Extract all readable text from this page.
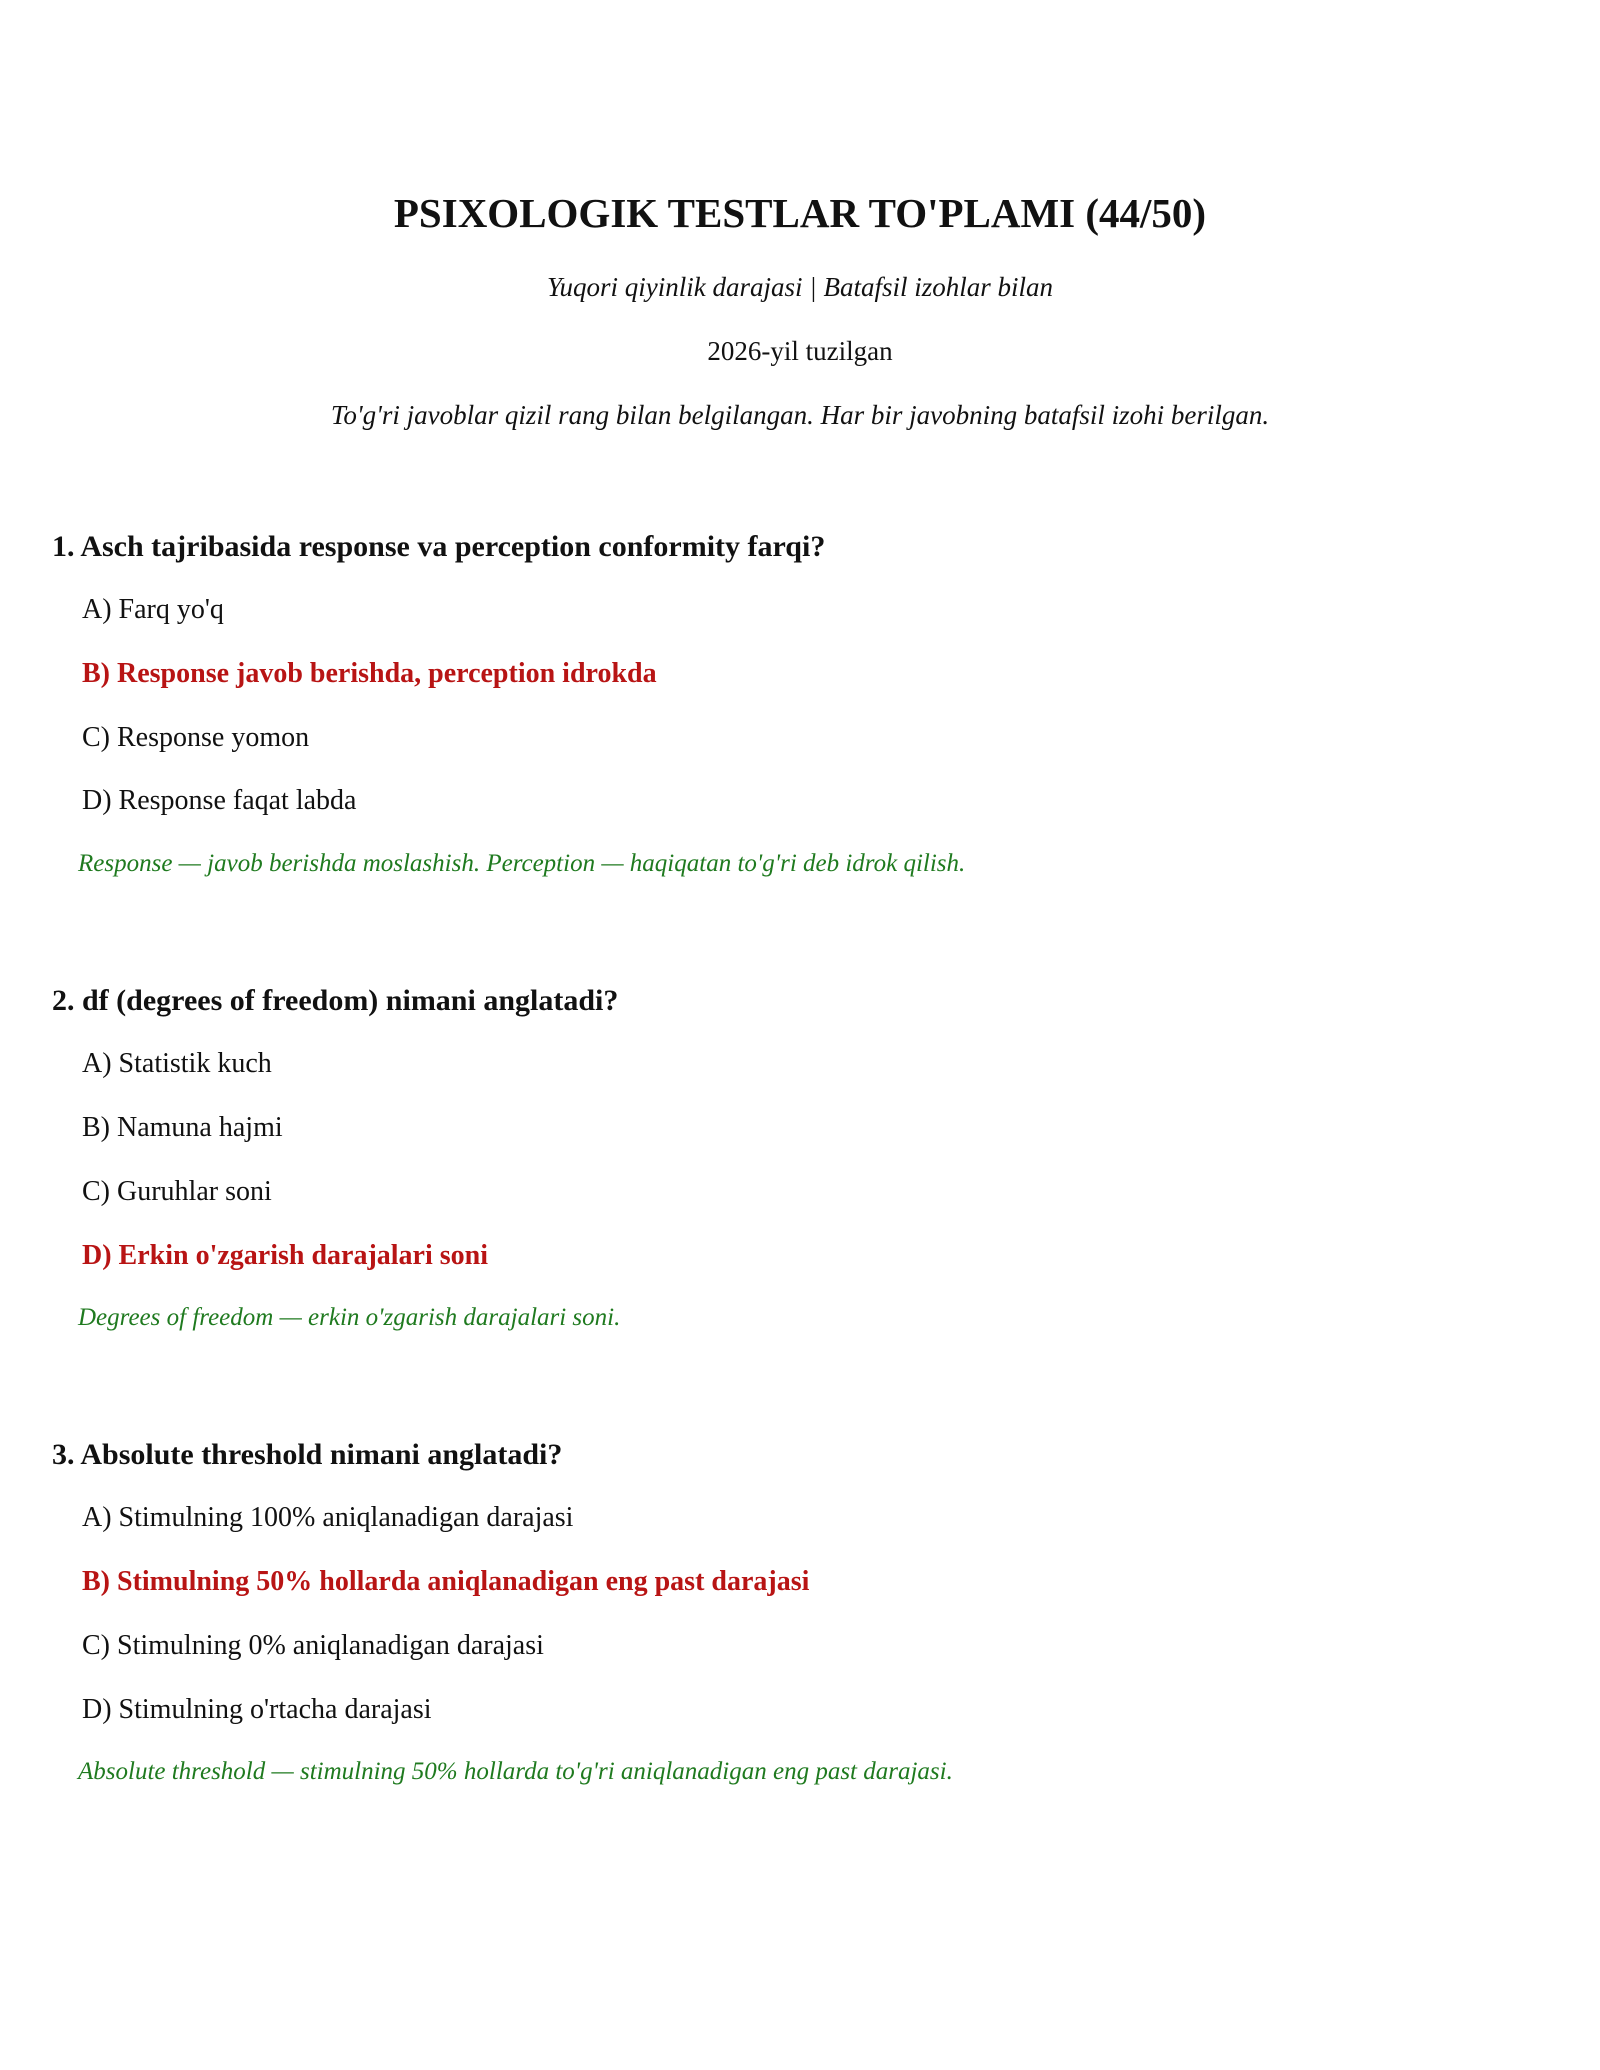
PSIXOLOGIK TESTLAR TO'PLAMI (44/50)
Yuqori qiyinlik darajasi | Batafsil izohlar bilan
2026-yil tuzilgan
To'g'ri javoblar qizil rang bilan belgilangan. Har bir javobning batafsil izohi berilgan.
1. Asch tajribasida response va perception conformity farqi?
A) Farq yo'q
B) Response javob berishda, perception idrokda
C) Response yomon
D) Response faqat labda
Response — javob berishda moslashish. Perception — haqiqatan to'g'ri deb idrok qilish.
2. df (degrees of freedom) nimani anglatadi?
A) Statistik kuch
B) Namuna hajmi
C) Guruhlar soni
D) Erkin o'zgarish darajalari soni
Degrees of freedom — erkin o'zgarish darajalari soni.
3. Absolute threshold nimani anglatadi?
A) Stimulning 100% aniqlanadigan darajasi
B) Stimulning 50% hollarda aniqlanadigan eng past darajasi
C) Stimulning 0% aniqlanadigan darajasi
D) Stimulning o'rtacha darajasi
Absolute threshold — stimulning 50% hollarda to'g'ri aniqlanadigan eng past darajasi.
